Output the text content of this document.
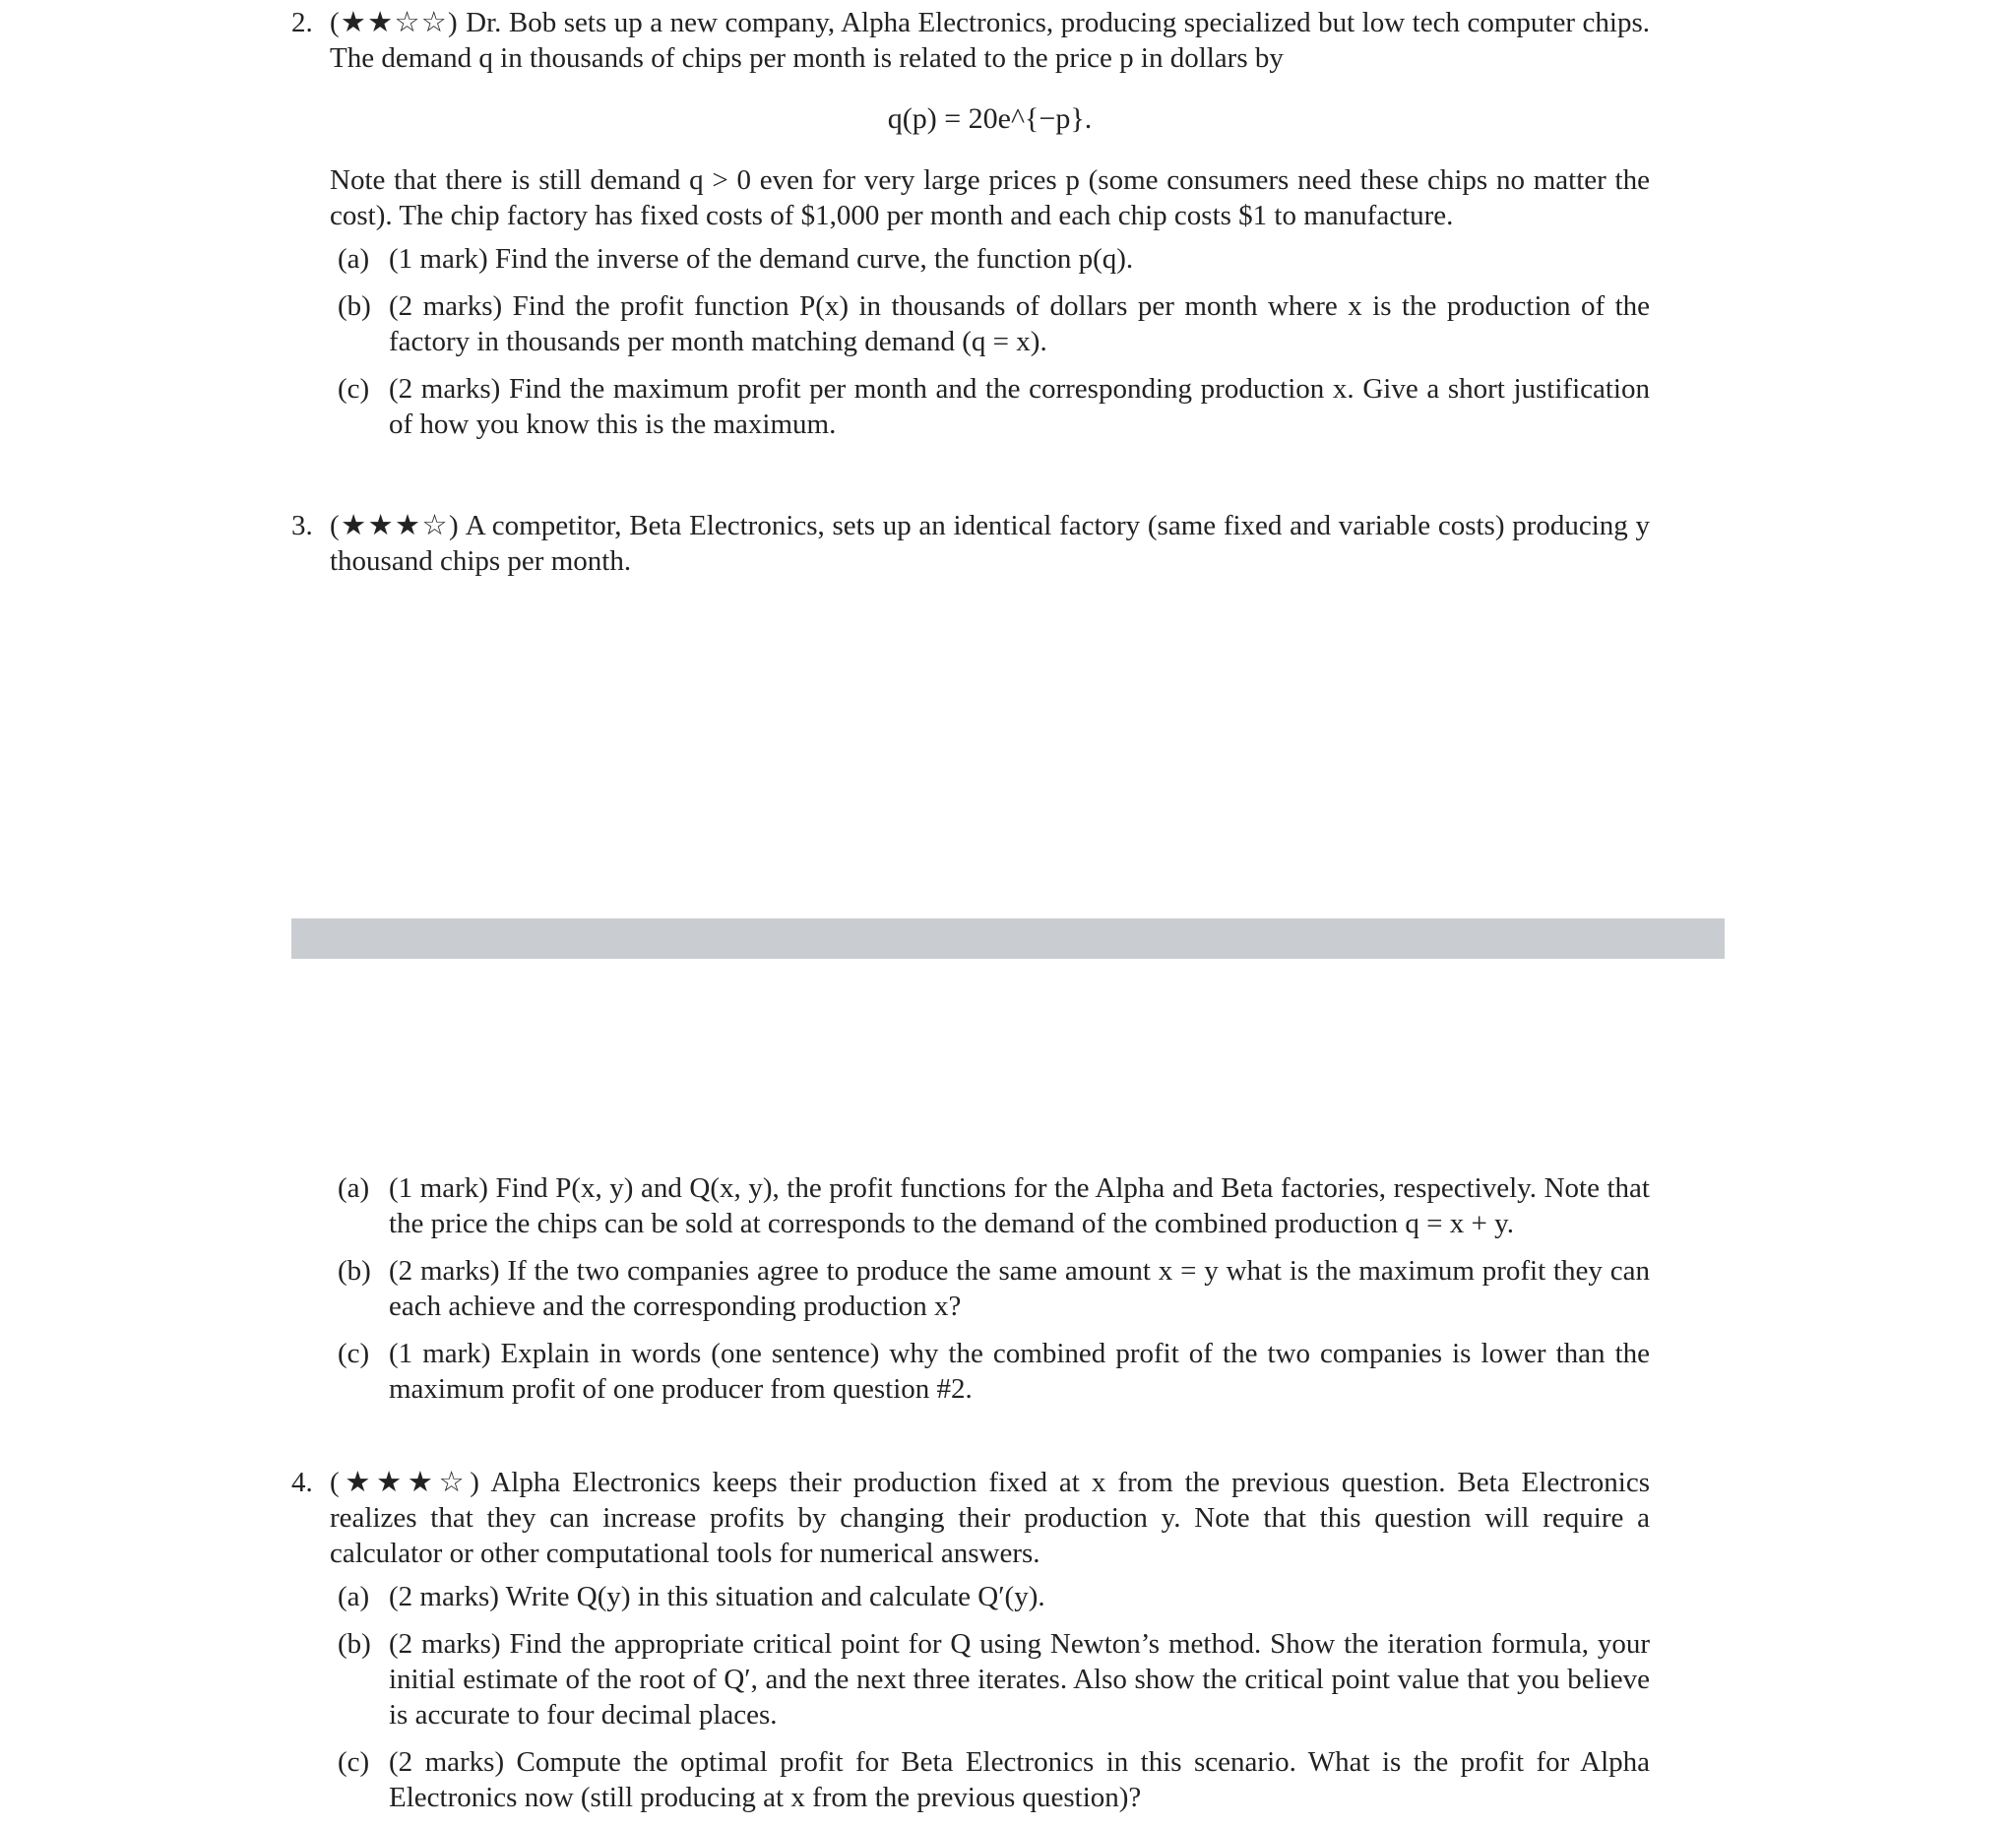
2. (★★☆☆) Dr. Bob sets up a new company, Alpha Electronics, producing specialized but low tech computer chips. The demand q in thousands of chips per month is related to the price p in dollars by
q(p) = 20e^{−p}.
Note that there is still demand q > 0 even for very large prices p (some consumers need these chips no matter the cost). The chip factory has fixed costs of $1,000 per month and each chip costs $1 to manufacture.
(a) (1 mark) Find the inverse of the demand curve, the function p(q).
(b) (2 marks) Find the profit function P(x) in thousands of dollars per month where x is the production of the factory in thousands per month matching demand (q = x).
(c) (2 marks) Find the maximum profit per month and the corresponding production x. Give a short justification of how you know this is the maximum.
3. (★★★☆) A competitor, Beta Electronics, sets up an identical factory (same fixed and variable costs) producing y thousand chips per month.
(a) (1 mark) Find P(x, y) and Q(x, y), the profit functions for the Alpha and Beta factories, respectively. Note that the price the chips can be sold at corresponds to the demand of the combined production q = x + y.
(b) (2 marks) If the two companies agree to produce the same amount x = y what is the maximum profit they can each achieve and the corresponding production x?
(c) (1 mark) Explain in words (one sentence) why the combined profit of the two companies is lower than the maximum profit of one producer from question #2.
4. (★★★☆) Alpha Electronics keeps their production fixed at x from the previous question. Beta Electronics realizes that they can increase profits by changing their production y. Note that this question will require a calculator or other computational tools for numerical answers.
(a) (2 marks) Write Q(y) in this situation and calculate Q′(y).
(b) (2 marks) Find the appropriate critical point for Q using Newton’s method. Show the iteration formula, your initial estimate of the root of Q′, and the next three iterates. Also show the critical point value that you believe is accurate to four decimal places.
(c) (2 marks) Compute the optimal profit for Beta Electronics in this scenario. What is the profit for Alpha Electronics now (still producing at x from the previous question)?
